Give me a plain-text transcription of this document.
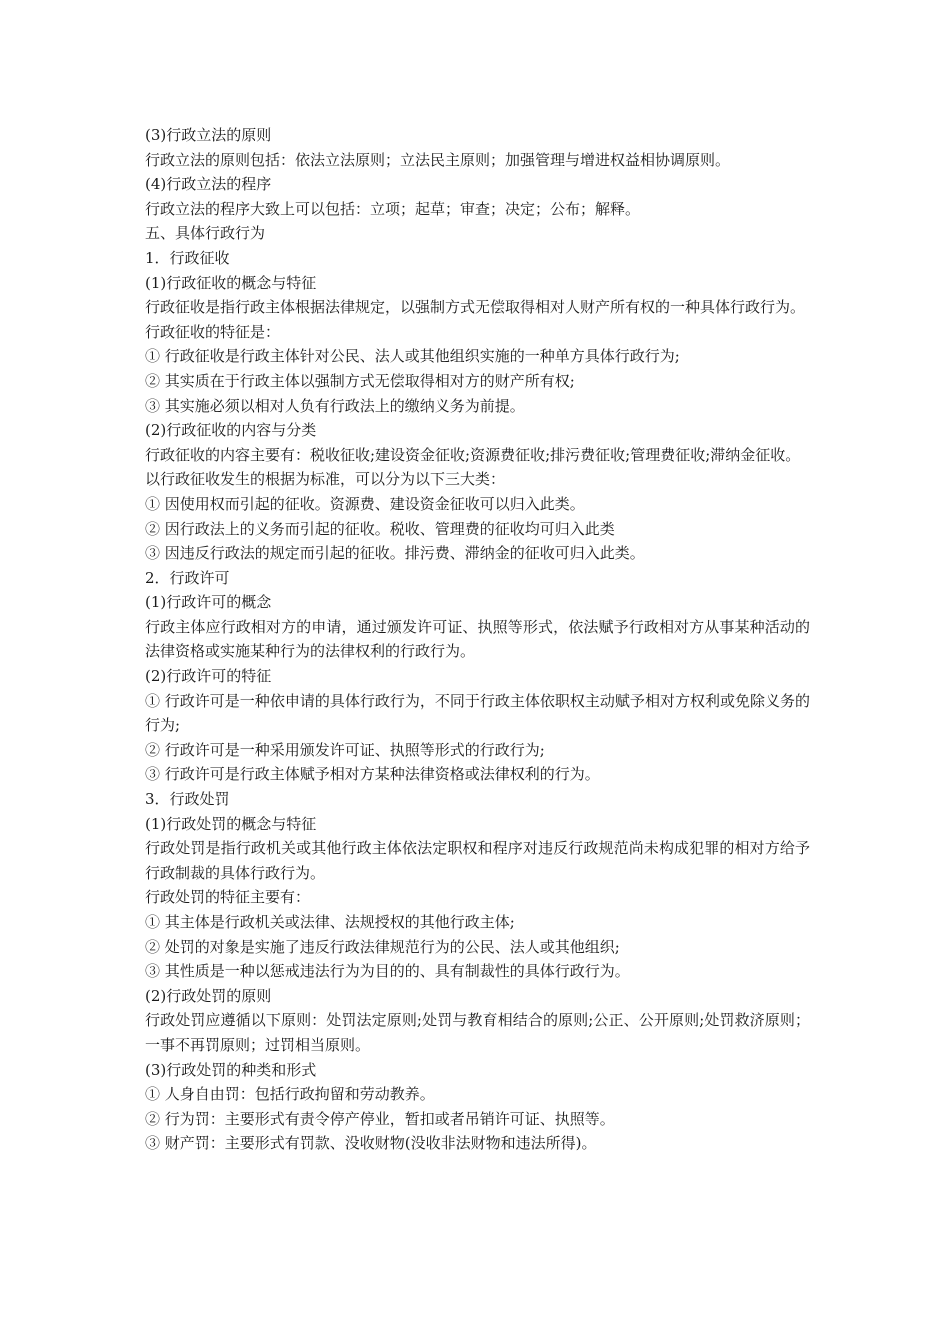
(3)行政立法的原则

行政立法的原则包括：依法立法原则；立法民主原则；加强管理与增进权益相协调原则。

(4)行政立法的程序

行政立法的程序大致上可以包括：立项；起草；审查；决定；公布；解释。

五、具体行政行为

1．行政征收

(1)行政征收的概念与特征

行政征收是指行政主体根据法律规定，以强制方式无偿取得相对人财产所有权的一种具体行政行为。

行政征收的特征是：

① 行政征收是行政主体针对公民、法人或其他组织实施的一种单方具体行政行为;

② 其实质在于行政主体以强制方式无偿取得相对方的财产所有权;

③ 其实施必须以相对人负有行政法上的缴纳义务为前提。

(2)行政征收的内容与分类

行政征收的内容主要有：税收征收;建设资金征收;资源费征收;排污费征收;管理费征收;滞纳金征收。

以行政征收发生的根据为标准，可以分为以下三大类：

① 因使用权而引起的征收。资源费、建设资金征收可以归入此类。

② 因行政法上的义务而引起的征收。税收、管理费的征收均可归入此类

③ 因违反行政法的规定而引起的征收。排污费、滞纳金的征收可归入此类。

2．行政许可

(1)行政许可的概念

行政主体应行政相对方的申请，通过颁发许可证、执照等形式，依法赋予行政相对方从事某种活动的法律资格或实施某种行为的法律权利的行政行为。

(2)行政许可的特征

① 行政许可是一种依申请的具体行政行为，不同于行政主体依职权主动赋予相对方权利或免除义务的行为;

② 行政许可是一种采用颁发许可证、执照等形式的行政行为;

③ 行政许可是行政主体赋予相对方某种法律资格或法律权利的行为。

3．行政处罚

(1)行政处罚的概念与特征

行政处罚是指行政机关或其他行政主体依法定职权和程序对违反行政规范尚未构成犯罪的相对方给予行政制裁的具体行政行为。

行政处罚的特征主要有：

① 其主体是行政机关或法律、法规授权的其他行政主体;

② 处罚的对象是实施了违反行政法律规范行为的公民、法人或其他组织;

③ 其性质是一种以惩戒违法行为为目的的、具有制裁性的具体行政行为。

(2)行政处罚的原则

行政处罚应遵循以下原则：处罚法定原则;处罚与教育相结合的原则;公正、公开原则;处罚救济原则；一事不再罚原则；过罚相当原则。

(3)行政处罚的种类和形式

① 人身自由罚：包括行政拘留和劳动教养。

② 行为罚：主要形式有责令停产停业，暂扣或者吊销许可证、执照等。

③ 财产罚：主要形式有罚款、没收财物(没收非法财物和违法所得)。
